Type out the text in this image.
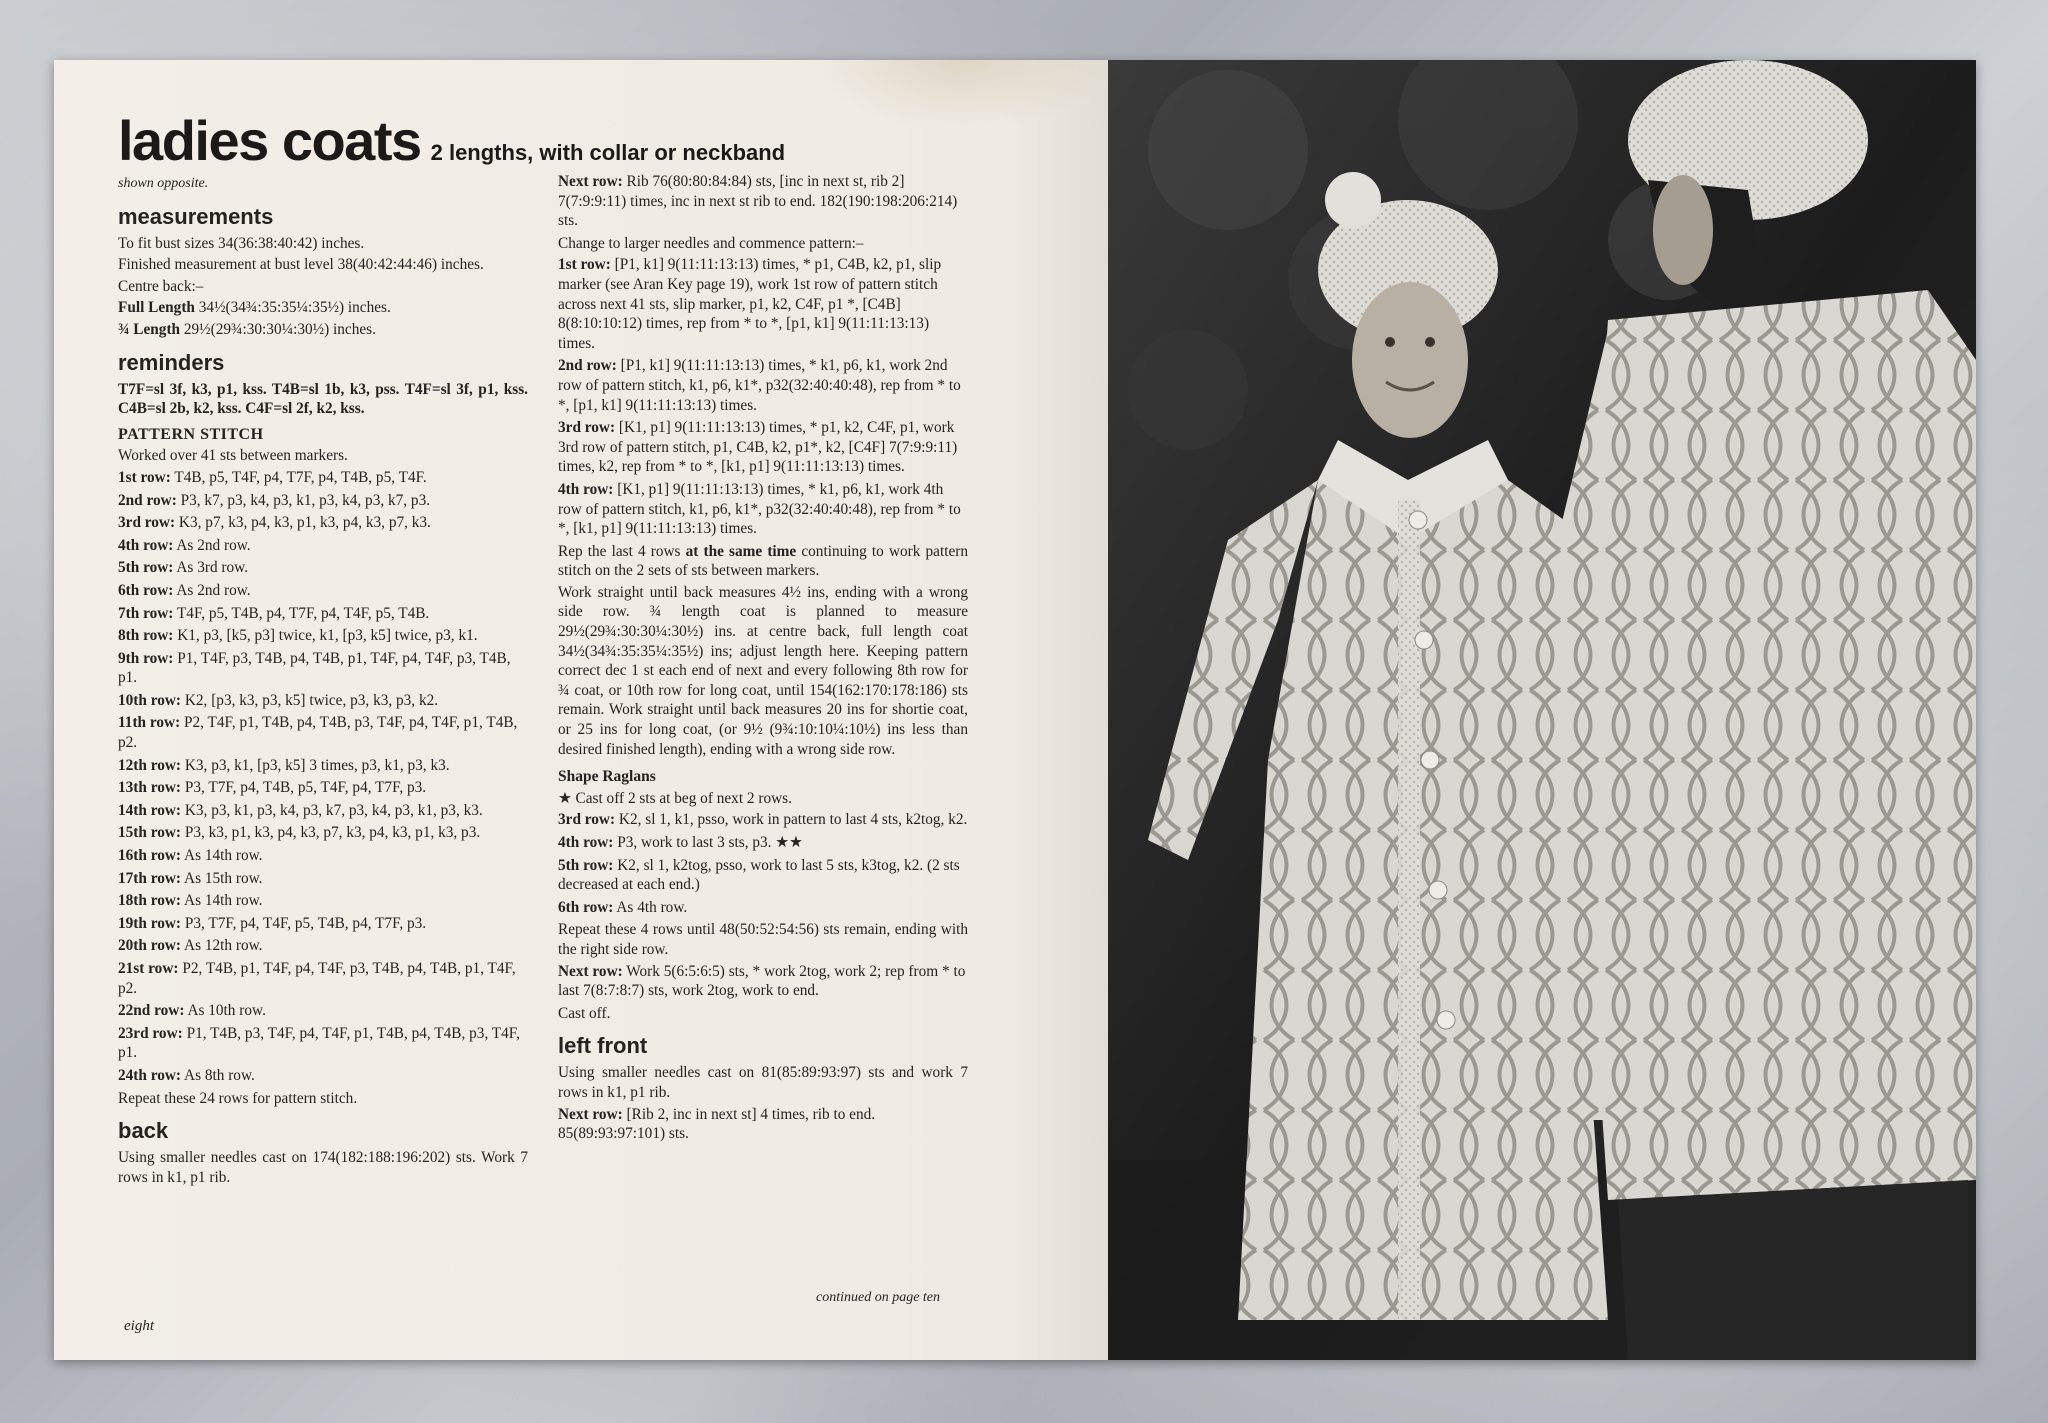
ladies coats 2 lengths, with collar or neckband
shown opposite.
measurements
To fit bust sizes 34(36:38:40:42) inches.
Finished measurement at bust level 38(40:42:44:46) inches.
Centre back:–
Full Length 34½(34¾:35:35¼:35½) inches.
¾ Length 29½(29¾:30:30¼:30½) inches.
reminders
T7F=sl 3f, k3, p1, kss. T4B=sl 1b, k3, pss. T4F=sl 3f, p1, kss. C4B=sl 2b, k2, kss. C4F=sl 2f, k2, kss.
PATTERN STITCH
Worked over 41 sts between markers.
1st row: T4B, p5, T4F, p4, T7F, p4, T4B, p5, T4F.
2nd row: P3, k7, p3, k4, p3, k1, p3, k4, p3, k7, p3.
3rd row: K3, p7, k3, p4, k3, p1, k3, p4, k3, p7, k3.
4th row: As 2nd row.
5th row: As 3rd row.
6th row: As 2nd row.
7th row: T4F, p5, T4B, p4, T7F, p4, T4F, p5, T4B.
8th row: K1, p3, [k5, p3] twice, k1, [p3, k5] twice, p3, k1.
9th row: P1, T4F, p3, T4B, p4, T4B, p1, T4F, p4, T4F, p3, T4B, p1.
10th row: K2, [p3, k3, p3, k5] twice, p3, k3, p3, k2.
11th row: P2, T4F, p1, T4B, p4, T4B, p3, T4F, p4, T4F, p1, T4B, p2.
12th row: K3, p3, k1, [p3, k5] 3 times, p3, k1, p3, k3.
13th row: P3, T7F, p4, T4B, p5, T4F, p4, T7F, p3.
14th row: K3, p3, k1, p3, k4, p3, k7, p3, k4, p3, k1, p3, k3.
15th row: P3, k3, p1, k3, p4, k3, p7, k3, p4, k3, p1, k3, p3.
16th row: As 14th row.
17th row: As 15th row.
18th row: As 14th row.
19th row: P3, T7F, p4, T4F, p5, T4B, p4, T7F, p3.
20th row: As 12th row.
21st row: P2, T4B, p1, T4F, p4, T4F, p3, T4B, p4, T4B, p1, T4F, p2.
22nd row: As 10th row.
23rd row: P1, T4B, p3, T4F, p4, T4F, p1, T4B, p4, T4B, p3, T4F, p1.
24th row: As 8th row.
Repeat these 24 rows for pattern stitch.
back
Using smaller needles cast on 174(182:188:196:202) sts. Work 7 rows in k1, p1 rib.
Next row: Rib 76(80:80:84:84) sts, [inc in next st, rib 2] 7(7:9:9:11) times, inc in next st rib to end. 182(190:198:206:214) sts.
Change to larger needles and commence pattern:–
1st row: [P1, k1] 9(11:11:13:13) times, * p1, C4B, k2, p1, slip marker (see Aran Key page 19), work 1st row of pattern stitch across next 41 sts, slip marker, p1, k2, C4F, p1 *, [C4B] 8(8:10:10:12) times, rep from * to *, [p1, k1] 9(11:11:13:13) times.
2nd row: [P1, k1] 9(11:11:13:13) times, * k1, p6, k1, work 2nd row of pattern stitch, k1, p6, k1*, p32(32:40:40:48), rep from * to *, [p1, k1] 9(11:11:13:13) times.
3rd row: [K1, p1] 9(11:11:13:13) times, * p1, k2, C4F, p1, work 3rd row of pattern stitch, p1, C4B, k2, p1*, k2, [C4F] 7(7:9:9:11) times, k2, rep from * to *, [k1, p1] 9(11:11:13:13) times.
4th row: [K1, p1] 9(11:11:13:13) times, * k1, p6, k1, work 4th row of pattern stitch, k1, p6, k1*, p32(32:40:40:48), rep from * to *, [k1, p1] 9(11:11:13:13) times.
Rep the last 4 rows at the same time continuing to work pattern stitch on the 2 sets of sts between markers.
Work straight until back measures 4½ ins, ending with a wrong side row. ¾ length coat is planned to measure 29½(29¾:30:30¼:30½) ins. at centre back, full length coat 34½(34¾:35:35¼:35½) ins; adjust length here. Keeping pattern correct dec 1 st each end of next and every following 8th row for ¾ coat, or 10th row for long coat, until 154(162:170:178:186) sts remain. Work straight until back measures 20 ins for shortie coat, or 25 ins for long coat, (or 9½ (9¾:10:10¼:10½) ins less than desired finished length), ending with a wrong side row.
Shape Raglans
★ Cast off 2 sts at beg of next 2 rows.
3rd row: K2, sl 1, k1, psso, work in pattern to last 4 sts, k2tog, k2.
4th row: P3, work to last 3 sts, p3. ★★
5th row: K2, sl 1, k2tog, psso, work to last 5 sts, k3tog, k2. (2 sts decreased at each end.)
6th row: As 4th row.
Repeat these 4 rows until 48(50:52:54:56) sts remain, ending with the right side row.
Next row: Work 5(6:5:6:5) sts, * work 2tog, work 2; rep from * to last 7(8:7:8:7) sts, work 2tog, work to end.
Cast off.
left front
Using smaller needles cast on 81(85:89:93:97) sts and work 7 rows in k1, p1 rib.
Next row: [Rib 2, inc in next st] 4 times, rib to end. 85(89:93:97:101) sts.
eight
continued on page ten
